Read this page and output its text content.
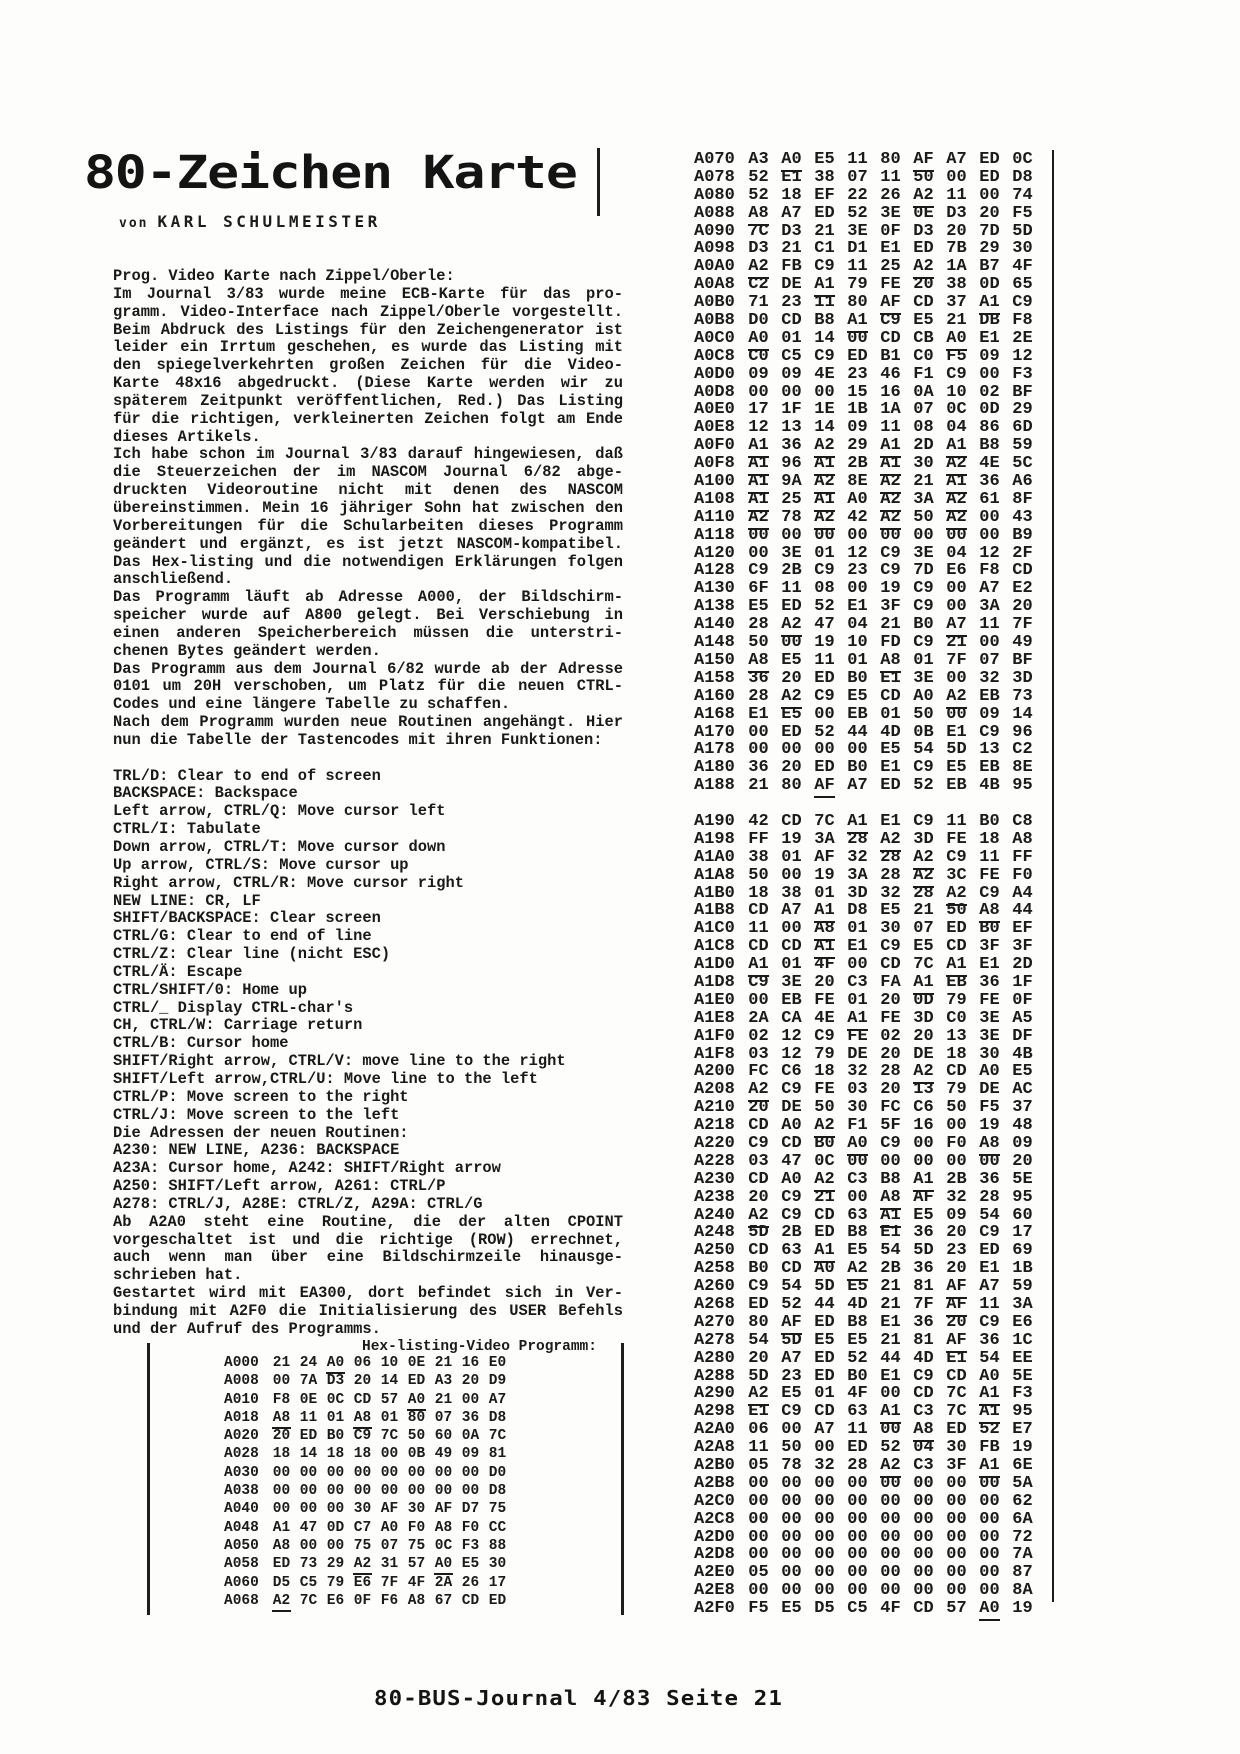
80-Zeichen Karte
von KARL SCHULMEISTER
Prog. Video Karte nach Zippel/Oberle:
Im Journal 3/83 wurde meine ECB-Karte für das pro-
gramm. Video-Interface nach Zippel/Oberle vorgestellt.
Beim Abdruck des Listings für den Zeichengenerator ist
leider ein Irrtum geschehen, es wurde das Listing mit
den spiegelverkehrten großen Zeichen für die Video-
Karte 48x16 abgedruckt. (Diese Karte werden wir zu
späterem Zeitpunkt veröffentlichen, Red.) Das Listing
für die richtigen, verkleinerten Zeichen folgt am Ende
dieses Artikels.
Ich habe schon im Journal 3/83 darauf hingewiesen, daß
die Steuerzeichen der im NASCOM Journal 6/82 abge-
druckten Videoroutine nicht mit denen des NASCOM
übereinstimmen. Mein 16 jähriger Sohn hat zwischen den
Vorbereitungen für die Schularbeiten dieses Programm
geändert und ergänzt, es ist jetzt NASCOM-kompatibel.
Das Hex-listing und die notwendigen Erklärungen folgen
anschließend.
Das Programm läuft ab Adresse A000, der Bildschirm-
speicher wurde auf A800 gelegt. Bei Verschiebung in
einen anderen Speicherbereich müssen die unterstri-
chenen Bytes geändert werden.
Das Programm aus dem Journal 6/82 wurde ab der Adresse
0101 um 20H verschoben, um Platz für die neuen CTRL-
Codes und eine längere Tabelle zu schaffen.
Nach dem Programm wurden neue Routinen angehängt. Hier
nun die Tabelle der Tastencodes mit ihren Funktionen:
TRL/D: Clear to end of screen
BACKSPACE: Backspace
Left arrow, CTRL/Q: Move cursor left
CTRL/I: Tabulate
Down arrow, CTRL/T: Move cursor down
Up arrow, CTRL/S: Move cursor up
Right arrow, CTRL/R: Move cursor right
NEW LINE: CR, LF
SHIFT/BACKSPACE: Clear screen
CTRL/G: Clear to end of line
CTRL/Z: Clear line (nicht ESC)
CTRL/Ä: Escape
CTRL/SHIFT/0: Home up
CTRL/_ Display CTRL-char's
CH, CTRL/W: Carriage return
CTRL/B: Cursor home
SHIFT/Right arrow, CTRL/V: move line to the right
SHIFT/Left arrow,CTRL/U: Move line to the left
CTRL/P: Move screen to the right
CTRL/J: Move screen to the left
Die Adressen der neuen Routinen:
A230: NEW LINE, A236: BACKSPACE
A23A: Cursor home, A242: SHIFT/Right arrow
A250: SHIFT/Left arrow, A261: CTRL/P
A278: CTRL/J, A28E: CTRL/Z, A29A: CTRL/G
Ab A2A0 steht eine Routine, die der alten CPOINT
vorgeschaltet ist und die richtige (ROW) errechnet,
auch wenn man über eine Bildschirmzeile hinausge-
schrieben hat.
Gestartet wird mit EA300, dort befindet sich in Ver-
bindung mit A2F0 die Initialisierung des USER Befehls
und der Aufruf des Programms.
Hex-listing-Video Programm:
A000 21 24 A0 06 10 0E 21 16 E0
A008 00 7A D3 20 14 ED A3 20 D9
A010 F8 0E 0C CD 57 A0 21 00 A7
A018 A8 11 01 A8 01 80 07 36 D8
A020 20 ED B0 C9 7C 50 60 0A 7C
A028 18 14 18 18 00 0B 49 09 81
A030 00 00 00 00 00 00 00 00 D0
A038 00 00 00 00 00 00 00 00 D8
A040 00 00 00 30 AF 30 AF D7 75
A048 A1 47 0D C7 A0 F0 A8 F0 CC
A050 A8 00 00 75 07 75 0C F3 88
A058 ED 73 29 A2 31 57 A0 E5 30
A060 D5 C5 79 E6 7F 4F 2A 26 17
A068 A2 7C E6 0F F6 A8 67 CD ED
A070 A3 A0 E5 11 80 AF A7 ED 0C
A078 52 E1 38 07 11 50 00 ED D8
A080 52 18 EF 22 26 A2 11 00 74
A088 A8 A7 ED 52 3E 0E D3 20 F5
A090 7C D3 21 3E 0F D3 20 7D 5D
A098 D3 21 C1 D1 E1 ED 7B 29 30
A0A0 A2 FB C9 11 25 A2 1A B7 4F
A0A8 C2 DE A1 79 FE 20 38 0D 65
A0B0 71 23 11 80 AF CD 37 A1 C9
A0B8 D0 CD B8 A1 C9 E5 21 DB F8
A0C0 A0 01 14 00 CD CB A0 E1 2E
A0C8 C0 C5 C9 ED B1 C0 F5 09 12
A0D0 09 09 4E 23 46 F1 C9 00 F3
A0D8 00 00 00 15 16 0A 10 02 BF
A0E0 17 1F 1E 1B 1A 07 0C 0D 29
A0E8 12 13 14 09 11 08 04 86 6D
A0F0 A1 36 A2 29 A1 2D A1 B8 59
A0F8 A1 96 A1 2B A1 30 A2 4E 5C
A100 A1 9A A2 8E A2 21 A1 36 A6
A108 A1 25 A1 A0 A2 3A A2 61 8F
A110 A2 78 A2 42 A2 50 A2 00 43
A118 00 00 00 00 00 00 00 00 B9
A120 00 3E 01 12 C9 3E 04 12 2F
A128 C9 2B C9 23 C9 7D E6 F8 CD
A130 6F 11 08 00 19 C9 00 A7 E2
A138 E5 ED 52 E1 3F C9 00 3A 20
A140 28 A2 47 04 21 B0 A7 11 7F
A148 50 00 19 10 FD C9 21 00 49
A150 A8 E5 11 01 A8 01 7F 07 BF
A158 36 20 ED B0 E1 3E 00 32 3D
A160 28 A2 C9 E5 CD A0 A2 EB 73
A168 E1 E5 00 EB 01 50 00 09 14
A170 00 ED 52 44 4D 0B E1 C9 96
A178 00 00 00 00 E5 54 5D 13 C2
A180 36 20 ED B0 E1 C9 E5 EB 8E
A188 21 80 AF A7 ED 52 EB 4B 95
A190 42 CD 7C A1 E1 C9 11 B0 C8
A198 FF 19 3A 28 A2 3D FE 18 A8
A1A0 38 01 AF 32 28 A2 C9 11 FF
A1A8 50 00 19 3A 28 A2 3C FE F0
A1B0 18 38 01 3D 32 28 A2 C9 A4
A1B8 CD A7 A1 D8 E5 21 50 A8 44
A1C0 11 00 A8 01 30 07 ED B0 EF
A1C8 CD CD A1 E1 C9 E5 CD 3F 3F
A1D0 A1 01 4F 00 CD 7C A1 E1 2D
A1D8 C9 3E 20 C3 FA A1 EB 36 1F
A1E0 00 EB FE 01 20 0D 79 FE 0F
A1E8 2A CA 4E A1 FE 3D C0 3E A5
A1F0 02 12 C9 FE 02 20 13 3E DF
A1F8 03 12 79 DE 20 DE 18 30 4B
A200 FC C6 18 32 28 A2 CD A0 E5
A208 A2 C9 FE 03 20 13 79 DE AC
A210 20 DE 50 30 FC C6 50 F5 37
A218 CD A0 A2 F1 5F 16 00 19 48
A220 C9 CD B0 A0 C9 00 F0 A8 09
A228 03 47 0C 00 00 00 00 00 20
A230 CD A0 A2 C3 B8 A1 2B 36 5E
A238 20 C9 21 00 A8 AF 32 28 95
A240 A2 C9 CD 63 A1 E5 09 54 60
A248 5D 2B ED B8 E1 36 20 C9 17
A250 CD 63 A1 E5 54 5D 23 ED 69
A258 B0 CD A0 A2 2B 36 20 E1 1B
A260 C9 54 5D E5 21 81 AF A7 59
A268 ED 52 44 4D 21 7F AF 11 3A
A270 80 AF ED B8 E1 36 20 C9 E6
A278 54 5D E5 E5 21 81 AF 36 1C
A280 20 A7 ED 52 44 4D E1 54 EE
A288 5D 23 ED B0 E1 C9 CD A0 5E
A290 A2 E5 01 4F 00 CD 7C A1 F3
A298 E1 C9 CD 63 A1 C3 7C A1 95
A2A0 06 00 A7 11 00 A8 ED 52 E7
A2A8 11 50 00 ED 52 04 30 FB 19
A2B0 05 78 32 28 A2 C3 3F A1 6E
A2B8 00 00 00 00 00 00 00 00 5A
A2C0 00 00 00 00 00 00 00 00 62
A2C8 00 00 00 00 00 00 00 00 6A
A2D0 00 00 00 00 00 00 00 00 72
A2D8 00 00 00 00 00 00 00 00 7A
A2E0 05 00 00 00 00 00 00 00 87
A2E8 00 00 00 00 00 00 00 00 8A
A2F0 F5 E5 D5 C5 4F CD 57 A0 19
80-BUS-Journal 4/83 Seite 21
